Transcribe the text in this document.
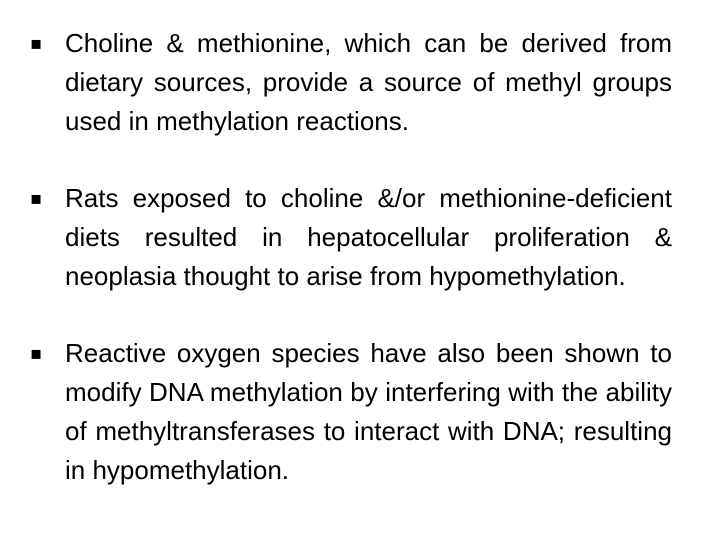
▪ Choline & methionine, which can be derived from dietary sources, provide a source of methyl groups used in methylation reactions.
▪ Rats exposed to choline &/or methionine-deficient diets resulted in hepatocellular proliferation & neoplasia thought to arise from hypomethylation.
▪ Reactive oxygen species have also been shown to modify DNA methylation by interfering with the ability of methyltransferases to interact with DNA; resulting in hypomethylation.
